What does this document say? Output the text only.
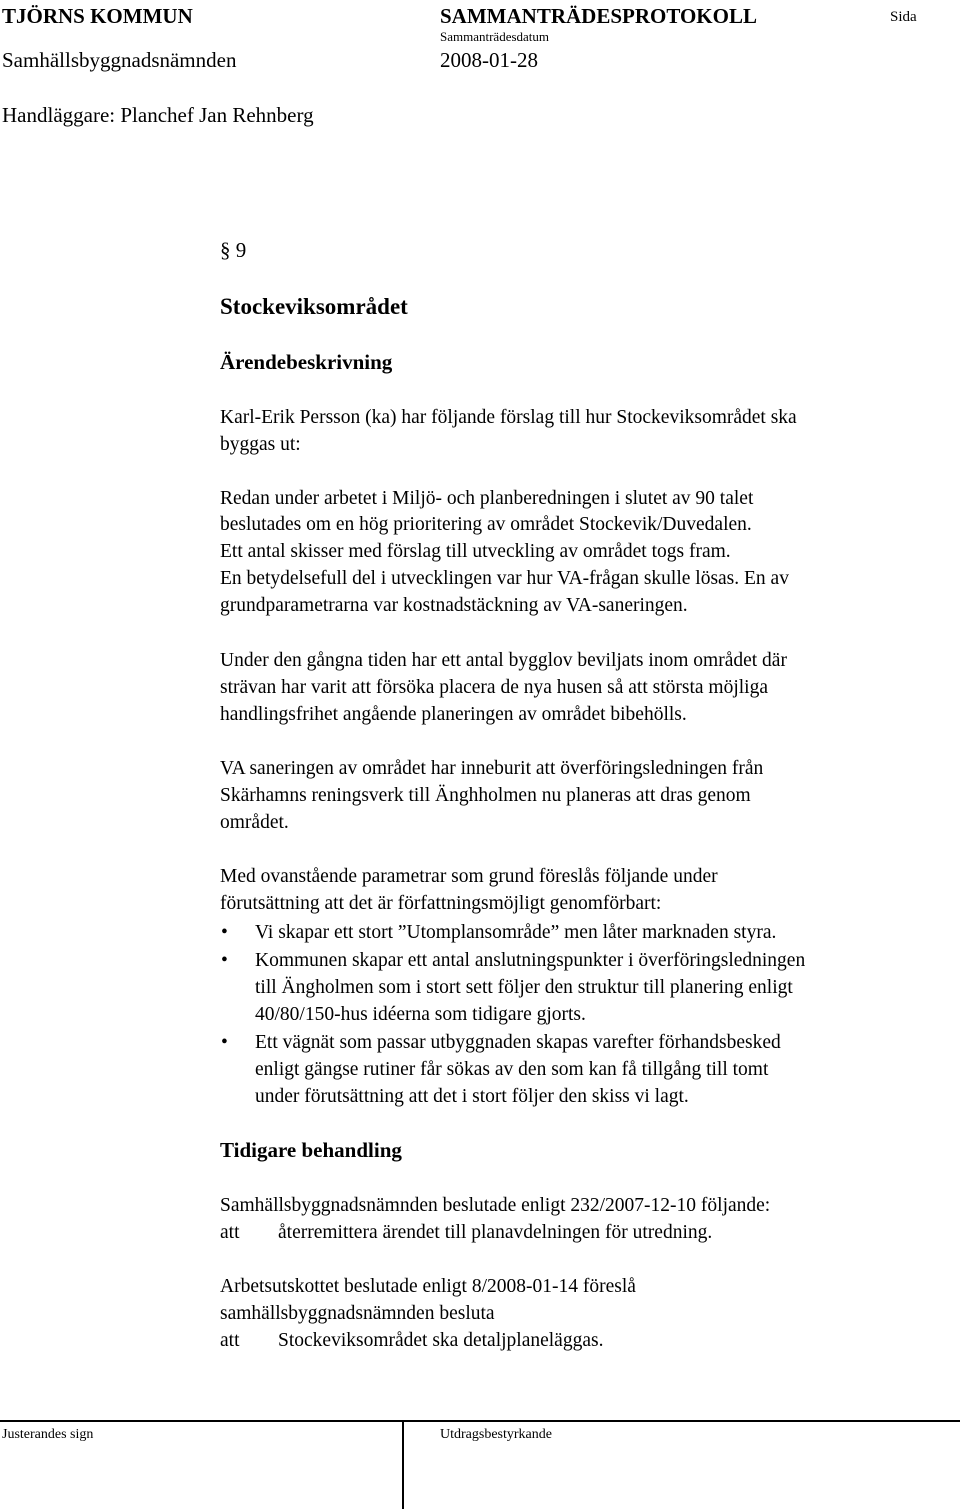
TJÖRNS KOMMUN	SAMMANTRÄDESPROTOKOLL	Sida
Sammanträdesdatum
Samhällsbyggnadsnämnden	2008-01-28
Handläggare: Planchef Jan Rehnberg
§ 9
Stockeviksområdet
Ärendebeskrivning
Karl-Erik Persson (ka) har följande förslag till hur Stockeviksområdet ska
byggas ut:
Redan under arbetet i Miljö- och planberedningen i slutet av 90 talet
beslutades om en hög prioritering av området Stockevik/Duvedalen.
Ett antal skisser med förslag till utveckling av området togs fram.
En betydelsefull del i utvecklingen var hur VA-frågan skulle lösas. En av
grundparametrarna var kostnadstäckning av VA-saneringen.
Under den gångna tiden har ett antal bygglov beviljats inom området där
strävan har varit att försöka placera de nya husen så att största möjliga
handlingsfrihet angående planeringen av området bibehölls.
VA saneringen av området har inneburit att överföringsledningen från
Skärhamns reningsverk till Änghholmen nu planeras att dras genom
området.
Med ovanstående parametrar som grund föreslås följande under
förutsättning att det är författningsmöjligt genomförbart:
• Vi skapar ett stort ”Utomplansområde” men låter marknaden styra.
• Kommunen skapar ett antal anslutningspunkter i överföringsledningen
till Ängholmen som i stort sett följer den struktur till planering enligt
40/80/150-hus idéerna som tidigare gjorts.
• Ett vägnät som passar utbyggnaden skapas varefter förhandsbesked
enligt gängse rutiner får sökas av den som kan få tillgång till tomt
under förutsättning att det i stort följer den skiss vi lagt.
Tidigare behandling
Samhällsbyggnadsnämnden beslutade enligt 232/2007-12-10 följande:
att återremittera ärendet till planavdelningen för utredning.
Arbetsutskottet beslutade enligt 8/2008-01-14 föreslå
samhällsbyggnadsnämnden besluta
att Stockeviksområdet ska detaljplaneläggas.
Justerandes sign	Utdragsbestyrkande
